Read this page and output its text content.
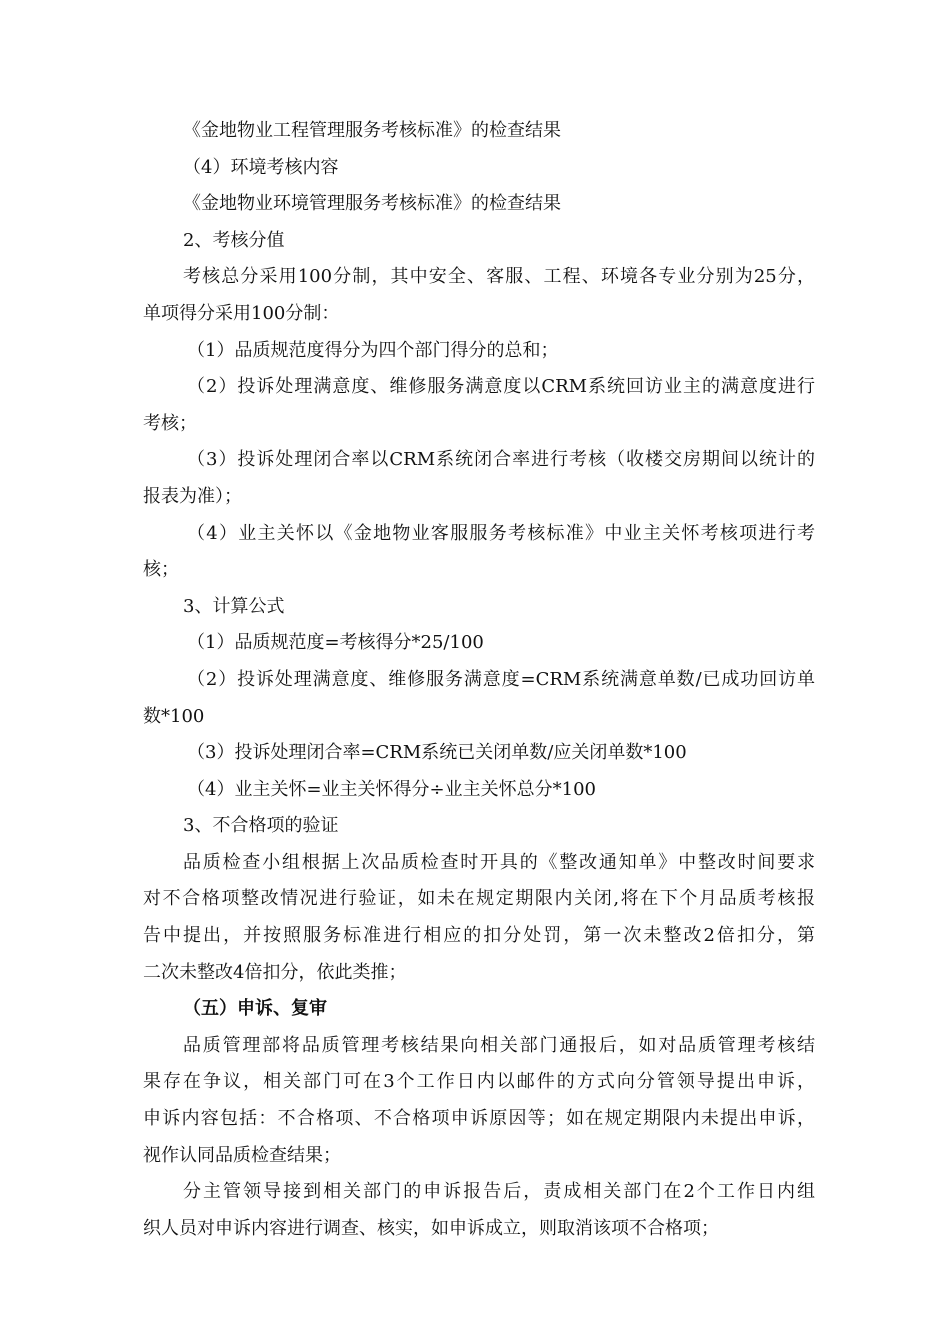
《金地物业工程管理服务考核标准》的检查结果
（4）环境考核内容
《金地物业环境管理服务考核标准》的检查结果
2、考核分值
考核总分采用100分制，其中安全、客服、工程、环境各专业分别为25分，
单项得分采用100分制：
（1）品质规范度得分为四个部门得分的总和；
（2）投诉处理满意度、维修服务满意度以CRM系统回访业主的满意度进行
考核；
（3）投诉处理闭合率以CRM系统闭合率进行考核（收楼交房期间以统计的
报表为准）；
（4）业主关怀以《金地物业客服服务考核标准》中业主关怀考核项进行考
核；
3、计算公式
（1）品质规范度=考核得分*25/100
（2）投诉处理满意度、维修服务满意度=CRM系统满意单数/已成功回访单
数*100
（3）投诉处理闭合率=CRM系统已关闭单数/应关闭单数*100
（4）业主关怀=业主关怀得分÷业主关怀总分*100
3、不合格项的验证
品质检查小组根据上次品质检查时开具的《整改通知单》中整改时间要求
对不合格项整改情况进行验证，如未在规定期限内关闭,将在下个月品质考核报
告中提出，并按照服务标准进行相应的扣分处罚，第一次未整改2倍扣分，第
二次未整改4倍扣分，依此类推；
（五）申诉、复审
品质管理部将品质管理考核结果向相关部门通报后，如对品质管理考核结
果存在争议，相关部门可在3个工作日内以邮件的方式向分管领导提出申诉，
申诉内容包括：不合格项、不合格项申诉原因等；如在规定期限内未提出申诉，
视作认同品质检查结果；
分主管领导接到相关部门的申诉报告后，责成相关部门在2个工作日内组
织人员对申诉内容进行调查、核实，如申诉成立，则取消该项不合格项；
